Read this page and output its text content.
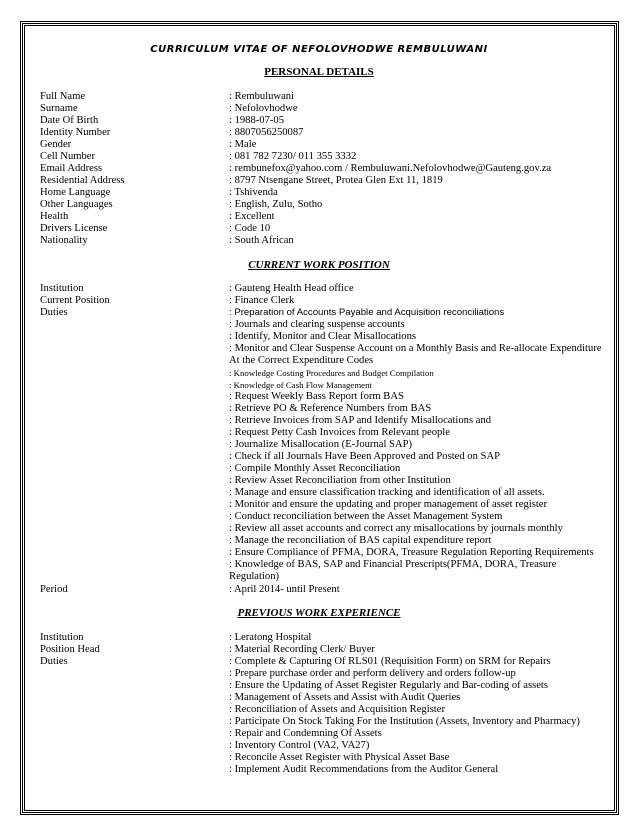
CURRICULUM VITAE OF NEFOLOVHODWE REMBULUWANI
PERSONAL DETAILS
Full Name	: Rembuluwani
Surname	: Nefolovhodwe
Date Of Birth	: 1988-07-05
Identity Number	: 8807056250087
Gender	: Male
Cell Number	: 081 782 7230/ 011 355 3332
Email Address	: rembunefox@yahoo.com / Rembuluwani.Nefolovhodwe@Gauteng.gov.za
Residential Address	: 8797 Ntsengane Street, Protea Glen Ext 11, 1819
Home Language	: Tshivenda
Other Languages	: English, Zulu, Sotho
Health	: Excellent
Drivers License	: Code 10
Nationality	: South African
CURRENT WORK POSITION
Institution	: Gauteng Health Head office
Current Position	: Finance Clerk
Duties	: Preparation of Accounts Payable and Acquisition reconciliations
: Journals and clearing suspense accounts
: Identify, Monitor and Clear Misallocations
: Monitor and Clear Suspense Account on a Monthly Basis and Re-allocate Expenditure
At the Correct Expenditure Codes
: Knowledge Costing Procedures and Budget Compilation
: Knowledge of Cash Flow Management
: Request Weekly Bass Report form BAS
: Retrieve PO & Reference Numbers from BAS
: Retrieve Invoices from SAP and Identify Misallocations and
: Request Petty Cash Invoices from Relevant people
: Journalize Misallocation (E-Journal SAP)
: Check if all Journals Have Been Approved and Posted on SAP
: Compile Monthly Asset Reconciliation
: Review Asset Reconciliation from other Institution
: Manage and ensure classification tracking and identification of all assets.
: Monitor and ensure the updating and proper management of asset register
: Conduct reconciliation between the Asset Management System
: Review all asset accounts and correct any misallocations by journals monthly
: Manage the reconciliation of BAS capital expenditure report
: Ensure Compliance of PFMA, DORA, Treasure Regulation Reporting Requirements
: Knowledge of BAS, SAP and Financial Prescripts(PFMA, DORA, Treasure
Regulation)
Period	: April 2014- until Present
PREVIOUS WORK EXPERIENCE
Institution	: Leratong Hospital
Position Head	: Material Recording Clerk/ Buyer
Duties	: Complete & Capturing Of RLS01 (Requisition Form) on SRM for Repairs
: Prepare purchase order and perform delivery and orders follow-up
: Ensure the Updating of Asset Register Regularly and Bar-coding of assets
: Management of Assets and Assist with Audit Queries
: Reconciliation of Assets and Acquisition Register
: Participate On Stock Taking For the Institution (Assets, Inventory and Pharmacy)
: Repair and Condemning Of Assets
: Inventory Control (VA2, VA27)
: Reconcile Asset Register with Physical Asset Base
: Implement Audit Recommendations from the Auditor General
